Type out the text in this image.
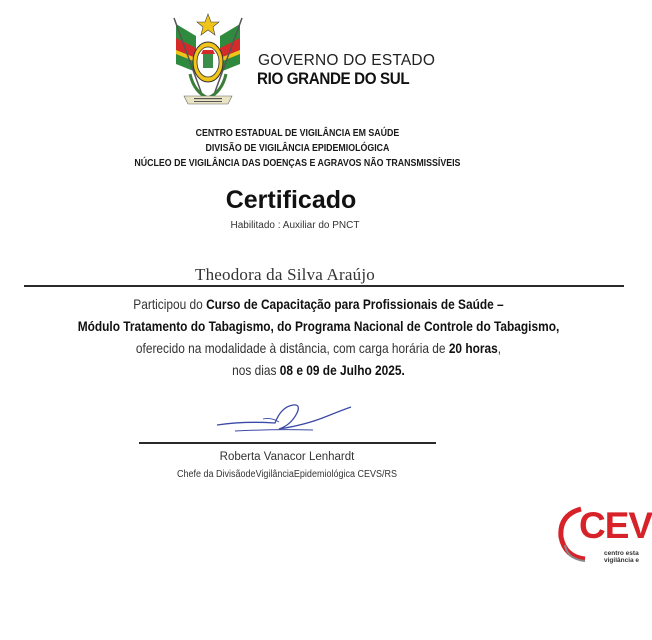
GOVERNO DO ESTADO
RIO GRANDE DO SUL
CENTRO ESTADUAL DE VIGILÂNCIA EM SAÚDE
DIVISÃO DE VIGILÂNCIA EPIDEMIOLÓGICA
NÚCLEO DE VIGILÂNCIA DAS DOENÇAS E AGRAVOS NÃO TRANSMISSÍVEIS
Certificado
Habilitado : Auxiliar do PNCT
Theodora da Silva Araújo
Participou do Curso de Capacitação para Profissionais de Saúde –
Módulo Tratamento do Tabagismo, do Programa Nacional de Controle do Tabagismo,
oferecido na modalidade à distância, com carga horária de 20 horas,
nos dias 08 e 09 de Julho 2025.
Roberta Vanacor Lenhardt
Chefe da DivisãodeVigilânciaEpidemiológica CEVS/RS
CEV
centro esta
vigilância e
